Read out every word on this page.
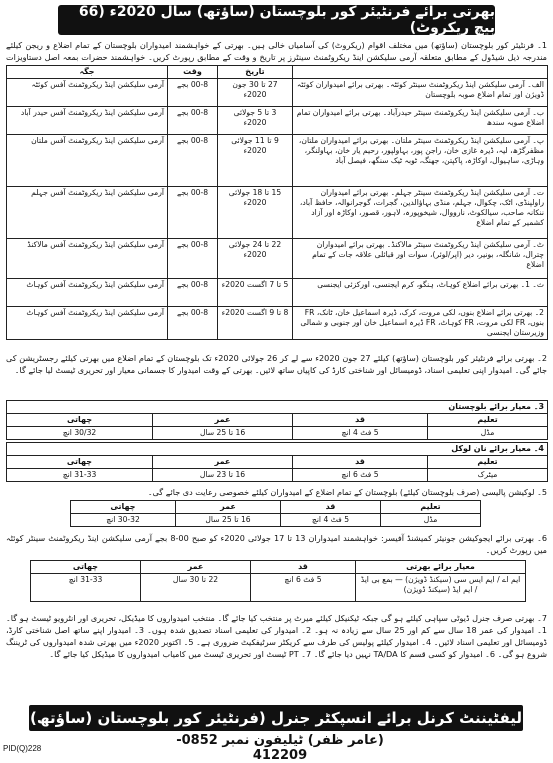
بھرتی برائے فرنٹیئر کور بلوچستان (ساؤتھ) سال 2020ء (66 بیچ ریکروٹ)
1۔ فرنٹیئر کور بلوچستان (ساؤتھ) میں مختلف اقوام (ریکروٹ) کی آسامیاں خالی ہیں۔ بھرتی کے خواہشمند امیدواران بلوچستان کے تمام اضلاع و ریجن کیلئے مندرجہ ذیل شیڈول کے مطابق متعلقہ آرمی سلیکشن اینڈ ریکروٹمنٹ سینٹرز پر تاریخ و وقت کے مطابق رپورٹ کریں۔ خواہشمند حضرات بمعہ اصل دستاویزات
	تاریخ	وقت	جگہ
الف۔ آرمی سلیکشن اینڈ ریکروٹمنٹ سینٹر کوئٹہ۔ بھرتی برائے امیدواران کوئٹہ ڈویژن اور تمام اضلاع صوبہ بلوچستان	27 تا 30 جون 2020ء	00-8 بجے	آرمی سلیکشن اینڈ ریکروٹمنٹ آفس کوئٹہ
ب۔ آرمی سلیکشن اینڈ ریکروٹمنٹ سینٹر حیدرآباد۔ بھرتی برائے امیدواران تمام اضلاع صوبہ سندھ	3 تا 5 جولائی 2020ء	00-8 بجے	آرمی سلیکشن اینڈ ریکروٹمنٹ آفس حیدر آباد
پ۔ آرمی سلیکشن اینڈ ریکروٹمنٹ سینٹر ملتان۔ بھرتی برائے امیدواران ملتان، مظفرگڑھ، لیہ، ڈیرہ غازی خان، راجن پور، بہاولپور، رحیم یار خان، بہاولنگر، وہاڑی، ساہیوال، اوکاڑہ، پاکپتن، جھنگ، ٹوبہ ٹیک سنگھ، فیصل آباد	9 تا 11 جولائی 2020ء	00-8 بجے	آرمی سلیکشن اینڈ ریکروٹمنٹ آفس ملتان
ت۔ آرمی سلیکشن اینڈ ریکروٹمنٹ سینٹر جہلم۔ بھرتی برائے امیدواران راولپنڈی، اٹک، چکوال، جہلم، منڈی بہاؤالدین، گجرات، گوجرانوالہ، حافظ آباد، ننکانہ صاحب، سیالکوٹ، نارووال، شیخوپورہ، لاہور، قصور، اوکاڑہ اور آزاد کشمیر کے تمام اضلاع	15 تا 18 جولائی 2020ء	00-8 بجے	آرمی سلیکشن اینڈ ریکروٹمنٹ آفس جہلم
ٹ۔ آرمی سلیکشن اینڈ ریکروٹمنٹ سینٹر مالاکنڈ۔ بھرتی برائے امیدواران چترال، شانگلہ، بونیر، دیر (اپر/لوئر)، سوات اور قبائلی علاقہ جات کے تمام اضلاع	22 تا 24 جولائی 2020ء	00-8 بجے	آرمی سلیکشن اینڈ ریکروٹمنٹ آفس مالاکنڈ
ث۔ 1۔ بھرتی برائے اضلاع کوہاٹ، ہنگو، کرم ایجنسی، اورکزئی ایجنسی	5 تا 7 اگست 2020ء	00-8 بجے	آرمی سلیکشن اینڈ ریکروٹمنٹ آفس کوہاٹ
2۔ بھرتی برائے اضلاع بنوں، لکی مروت، کرک، ڈیرہ اسماعیل خان، ٹانک، FR بنوں، FR لکی مروت، FR کوہاٹ، FR ڈیرہ اسماعیل خان اور جنوبی و شمالی وزیرستان ایجنسی	8 تا 9 اگست 2020ء	00-8 بجے	آرمی سلیکشن اینڈ ریکروٹمنٹ آفس کوہاٹ
2۔ بھرتی برائے فرنٹیئر کور بلوچستان (ساؤتھ) کیلئے 27 جون 2020ء سے لے کر 26 جولائی 2020ء تک بلوچستان کے تمام اضلاع میں بھرتی کیلئے رجسٹریشن کی جائے گی۔ امیدوار اپنی تعلیمی اسناد، ڈومیسائل اور شناختی کارڈ کی کاپیاں ساتھ لائیں۔ بھرتی کے وقت امیدوار کا جسمانی معیار اور تحریری ٹیسٹ لیا جائے گا۔
3۔ معیار برائے بلوچستان			
تعلیم	قد	عمر	چھاتی
مڈل	5 فٹ 4 انچ	16 تا 25 سال	30/32 انچ
4۔ معیار برائے نان لوکل			
تعلیم	قد	عمر	چھاتی
میٹرک	5 فٹ 6 انچ	16 تا 23 سال	31-33 انچ
5۔ لوکیشن پالیسی (صرف بلوچستان کیلئے) بلوچستان کے تمام اضلاع کے امیدواران کیلئے خصوصی رعایت دی جائے گی۔
تعلیم	قد	عمر	چھاتی
مڈل	5 فٹ 4 انچ	16 تا 25 سال	30-32 انچ
6۔ بھرتی برائے ایجوکیشن جونیئر کمیشنڈ آفیسر: خواہشمند امیدواران 13 تا 17 جولائی 2020ء کو صبح 00-8 بجے آرمی سلیکشن اینڈ ریکروٹمنٹ سینٹر کوئٹہ میں رپورٹ کریں۔
معیار برائے بھرتی	قد	عمر	چھاتی
ایم اے / ایم ایس سی (سیکنڈ ڈویژن) — بمع بی ایڈ / ایم ایڈ (سیکنڈ ڈویژن)	5 فٹ 6 انچ	22 تا 30 سال	31-33 انچ
7۔ بھرتی صرف جنرل ڈیوٹی سپاہی کیلئے ہو گی جبکہ ٹیکنیکل کیلئے میرٹ پر منتخب کیا جائے گا۔ منتخب امیدواروں کا میڈیکل، تحریری اور انٹرویو ٹیسٹ ہو گا۔ 1۔ امیدوار کی عمر 18 سال سے کم اور 25 سال سے زیادہ نہ ہو۔ 2۔ امیدوار کی تعلیمی اسناد تصدیق شدہ ہوں۔ 3۔ امیدوار اپنے ساتھ اصل شناختی کارڈ، ڈومیسائل اور تعلیمی اسناد لائیں۔ 4۔ امیدوار کیلئے پولیس کی طرف سے کریکٹر سرٹیفکیٹ ضروری ہے۔ 5۔ اکتوبر 2020ء میں بھرتی شدہ امیدواروں کی ٹریننگ شروع ہو گی۔ 6۔ امیدوار کو کسی قسم کا TA/DA نہیں دیا جائے گا۔ 7۔ PT ٹیسٹ اور تحریری ٹیسٹ میں کامیاب امیدواروں کا میڈیکل کیا جائے گا۔
لیفٹیننٹ کرنل برائے انسپکٹر جنرل (فرنٹیئر کور بلوچستان (ساؤتھ)
(عامر ظفر) ٹیلیفون نمبر 0852-412209
PID(Q)228
